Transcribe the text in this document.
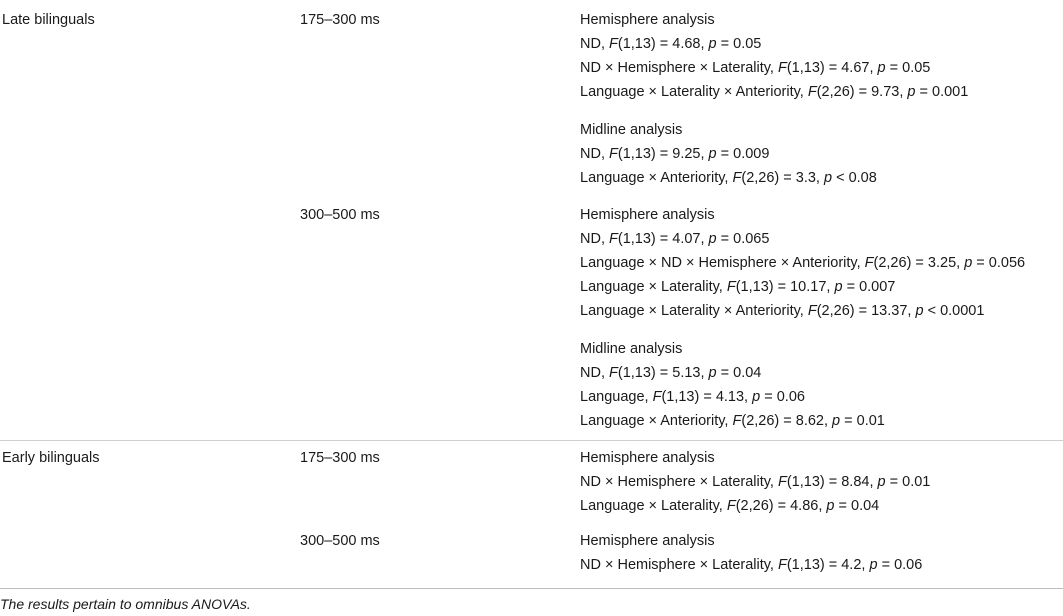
Late bilinguals	175–300 ms	Hemisphere analysis
ND, F(1,13) = 4.68, p = 0.05
ND × Hemisphere × Laterality, F(1,13) = 4.67, p = 0.05
Language × Laterality × Anteriority, F(2,26) = 9.73, p = 0.001
Midline analysis
ND, F(1,13) = 9.25, p = 0.009
Language × Anteriority, F(2,26) = 3.3, p < 0.08
300–500 ms	Hemisphere analysis
ND, F(1,13) = 4.07, p = 0.065
Language × ND × Hemisphere × Anteriority, F(2,26) = 3.25, p = 0.056
Language × Laterality, F(1,13) = 10.17, p = 0.007
Language × Laterality × Anteriority, F(2,26) = 13.37, p < 0.0001
Midline analysis
ND, F(1,13) = 5.13, p = 0.04
Language, F(1,13) = 4.13, p = 0.06
Language × Anteriority, F(2,26) = 8.62, p = 0.01
Early bilinguals	175–300 ms	Hemisphere analysis
ND × Hemisphere × Laterality, F(1,13) = 8.84, p = 0.01
Language × Laterality, F(2,26) = 4.86, p = 0.04
300–500 ms	Hemisphere analysis
ND × Hemisphere × Laterality, F(1,13) = 4.2, p = 0.06
The results pertain to omnibus ANOVAs.
